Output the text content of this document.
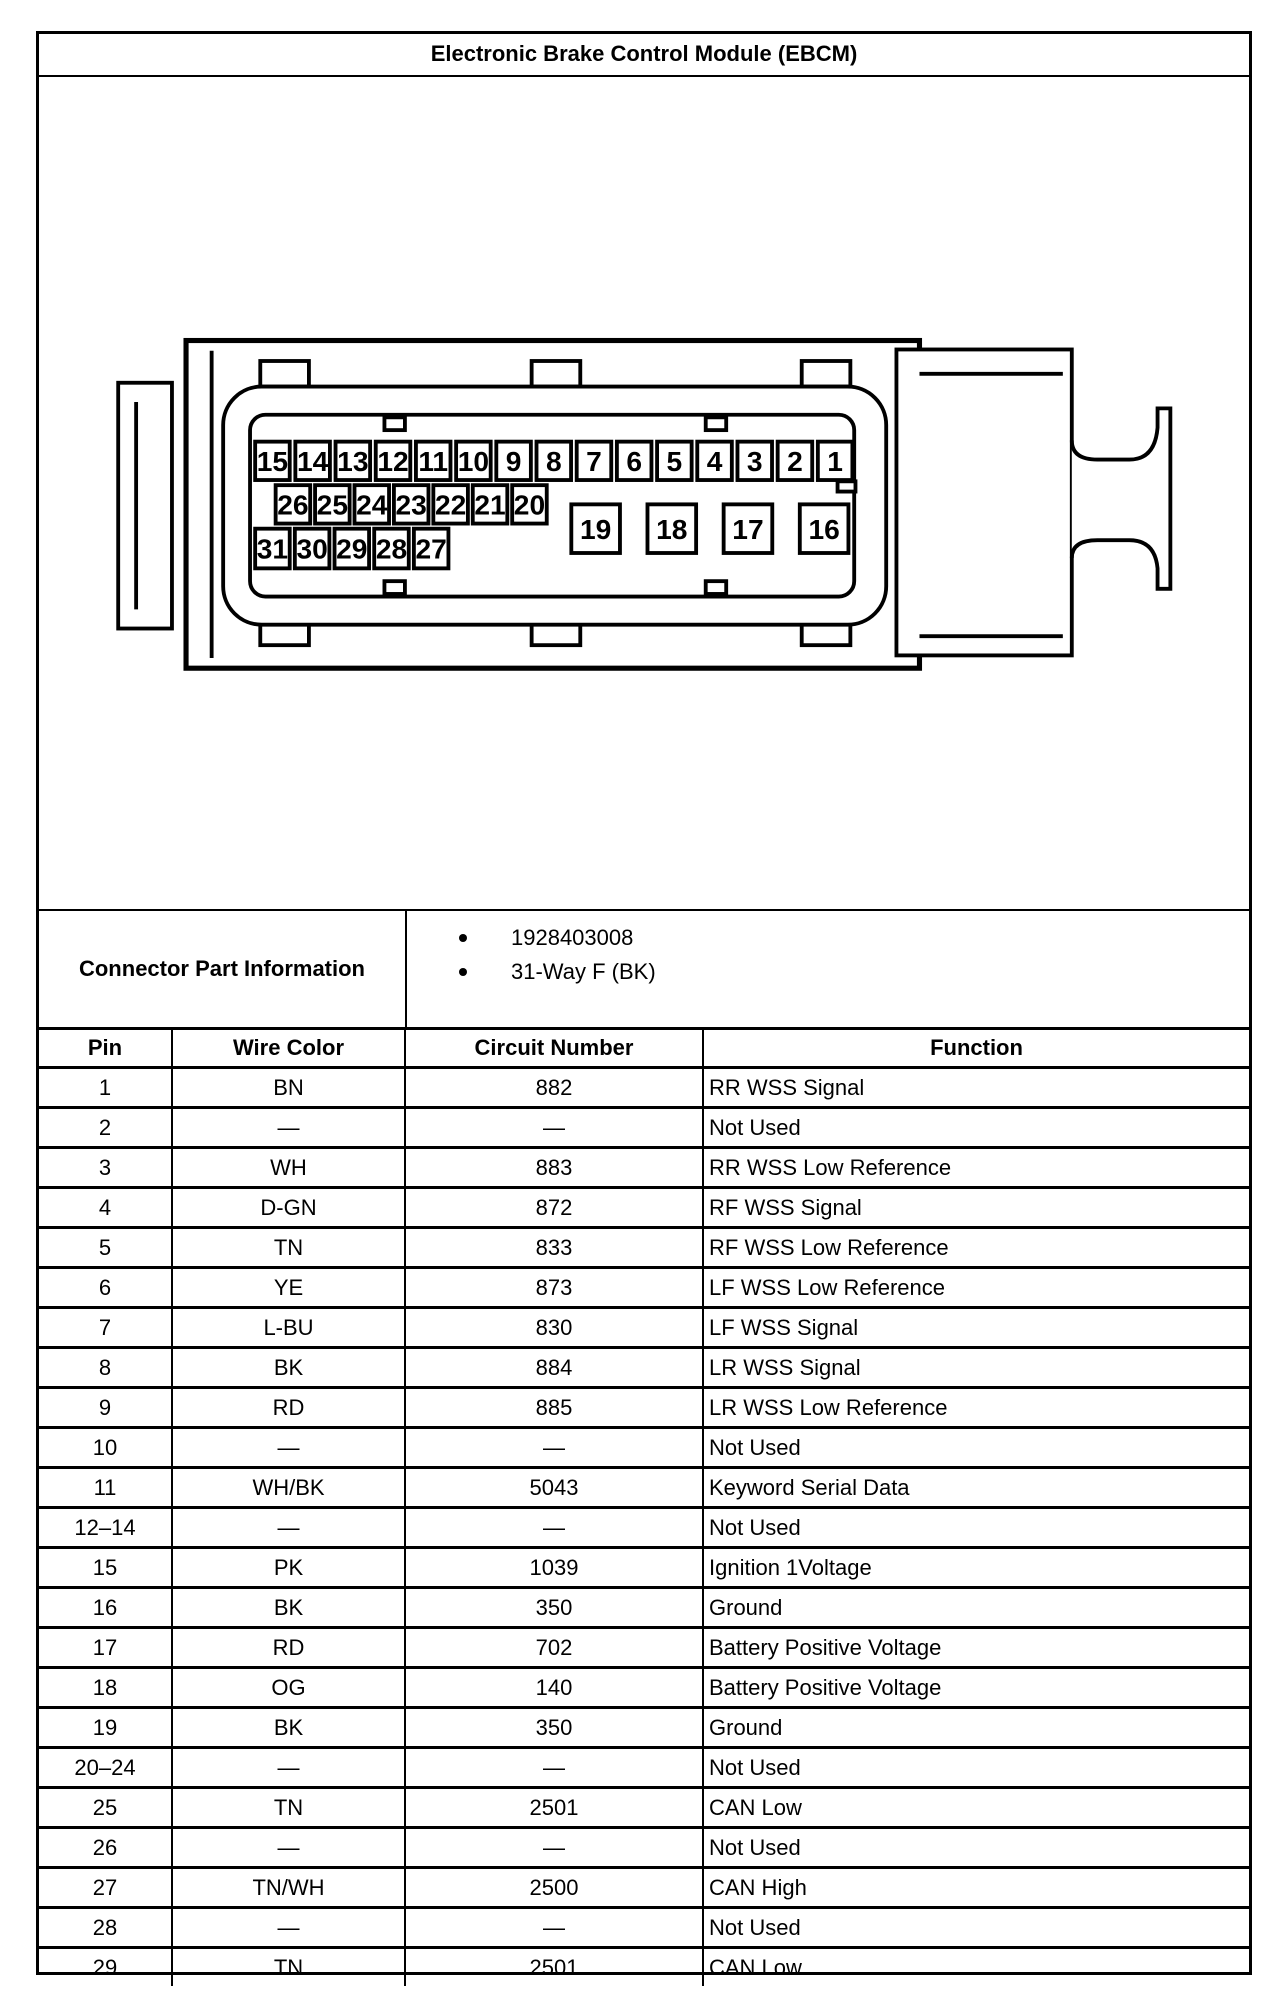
Electronic Brake Control Module (EBCM)
15 14 13 12 11 10 9 8 7 6 5 4 3 2 1
26 25 24 23 22 21 20
31 30 29 28 27
19 18 17 16
Connector Part Information
1928403008
31-Way F (BK)
Pin	Wire Color	Circuit Number	Function
1	BN	882	RR WSS Signal
2	—	—	Not Used
3	WH	883	RR WSS Low Reference
4	D-GN	872	RF WSS Signal
5	TN	833	RF WSS Low Reference
6	YE	873	LF WSS Low Reference
7	L-BU	830	LF WSS Signal
8	BK	884	LR WSS Signal
9	RD	885	LR WSS Low Reference
10	—	—	Not Used
11	WH/BK	5043	Keyword Serial Data
12–14	—	—	Not Used
15	PK	1039	Ignition 1Voltage
16	BK	350	Ground
17	RD	702	Battery Positive Voltage
18	OG	140	Battery Positive Voltage
19	BK	350	Ground
20–24	—	—	Not Used
25	TN	2501	CAN Low
26	—	—	Not Used
27	TN/WH	2500	CAN High
28	—	—	Not Used
29	TN	2501	CAN Low
